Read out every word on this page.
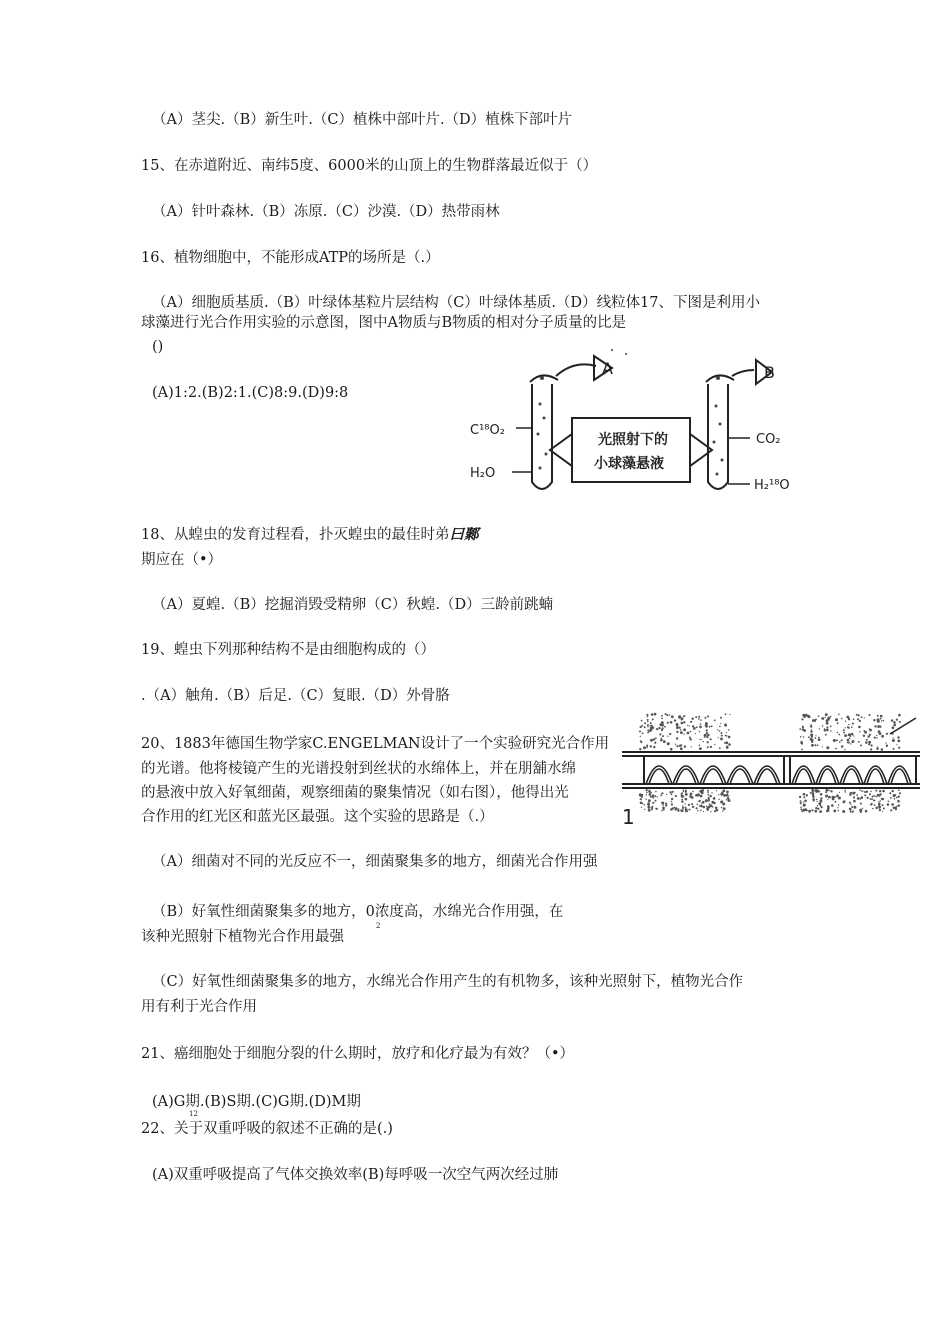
（A）茎尖.（B）新生叶.（C）植株中部叶片.（D）植株下部叶片
15、在赤道附近、南纬5度、6000米的山顶上的生物群落最近似于（）
（A）针叶森林.（B）冻原.（C）沙漠.（D）热带雨林
16、植物细胞中，不能形成ATP的场所是（.）
（A）细胞质基质.（B）叶绿体基粒片层结构（C）叶绿体基质.（D）线粒体17、下图是利用小
球藻进行光合作用实验的示意图，图中A物质与B物质的相对分子质量的比是
()
(A)1:2.(B)2:1.(C)8:9.(D)9:8
A	B
C¹⁸O₂
H₂O
光照射下的
小球藻悬液
CO₂
H₂¹⁸O
18、从蝗虫的发育过程看，扑灭蝗虫的最佳时弟曰鄹
期应在（•）
（A）夏蝗.（B）挖掘消毁受精卵（C）秋蝗.（D）三龄前跳蝻
19、蝗虫下列那种结构不是由细胞构成的（）
.（A）触角.（B）后足.（C）复眼.（D）外骨胳
20、1883年德国生物学家C.ENGELMAN设计了一个实验研究光合作用
的光谱。他将棱镜产生的光谱投射到丝状的水绵体上，并在朋舖水绵
的悬液中放入好氧细菌，观察细菌的聚集情况（如右图），他得出光
合作用的红光区和蓝光区最强。这个实验的思路是（.）	1
（A）细菌对不同的光反应不一，细菌聚集多的地方，细菌光合作用强
（B）好氧性细菌聚集多的地方，0浓度高，水绵光合作用强，在
2
该种光照射下植物光合作用最强
（C）好氧性细菌聚集多的地方，水绵光合作用产生的有机物多，该种光照射下，植物光合作
用有利于光合作用
21、癌细胞处于细胞分裂的什么期时，放疗和化疗最为有效？（•）
(A)G期.(B)S期.(C)G期.(D)M期
12
22、关于双重呼吸的叙述不正确的是(.)
(A)双重呼吸提高了气体交换效率(B)每呼吸一次空气两次经过肺
